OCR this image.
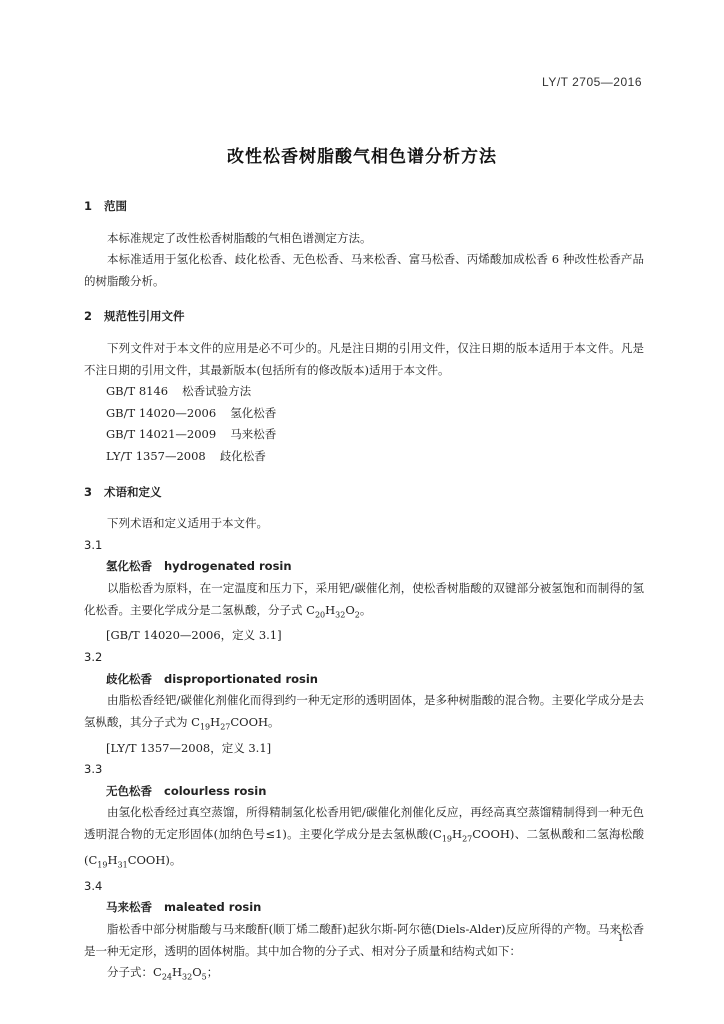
LY/T 2705—2016
改性松香树脂酸气相色谱分析方法
1 范围

本标准规定了改性松香树脂酸的气相色谱测定方法。

本标准适用于氢化松香、歧化松香、无色松香、马来松香、富马松香、丙烯酸加成松香 6 种改性松香产品的树脂酸分析。

2 规范性引用文件

下列文件对于本文件的应用是必不可少的。凡是注日期的引用文件，仅注日期的版本适用于本文件。凡是不注日期的引用文件，其最新版本(包括所有的修改版本)适用于本文件。

GB/T 8146 松香试验方法
GB/T 14020—2006 氢化松香
GB/T 14021—2009 马来松香
LY/T 1357—2008 歧化松香
3 术语和定义

下列术语和定义适用于本文件。

3.1
氢化松香 hydrogenated rosin

以脂松香为原料，在一定温度和压力下，采用钯/碳催化剂，使松香树脂酸的双键部分被氢饱和而制得的氢化松香。主要化学成分是二氢枞酸，分子式 $C_{20}H_{32}O_2$。

[GB/T 14020—2006，定义 3.1]
3.2
歧化松香 disproportionated rosin

由脂松香经钯/碳催化剂催化而得到约一种无定形的透明固体，是多种树脂酸的混合物。主要化学成分是去氢枞酸，其分子式为 $C_{19}H_{27}COOH$。

[LY/T 1357—2008，定义 3.1]
3.3
无色松香 colourless rosin

由氢化松香经过真空蒸馏，所得精制氢化松香用钯/碳催化剂催化反应，再经高真空蒸馏精制得到一种无色透明混合物的无定形固体(加纳色号≤1)。主要化学成分是去氢枞酸$(C_{19}H_{27}COOH)$、二氢枞酸和二氢海松酸$(C_{19}H_{31}COOH)$。

3.4
马来松香 maleated rosin

脂松香中部分树脂酸与马来酸酐(顺丁烯二酸酐)起狄尔斯-阿尔德(Diels-Alder)反应所得的产物。马来松香是一种无定形，透明的固体树脂。其中加合物的分子式、相对分子质量和结构式如下：

分子式：$C_{24}H_{32}O_5$；

1
